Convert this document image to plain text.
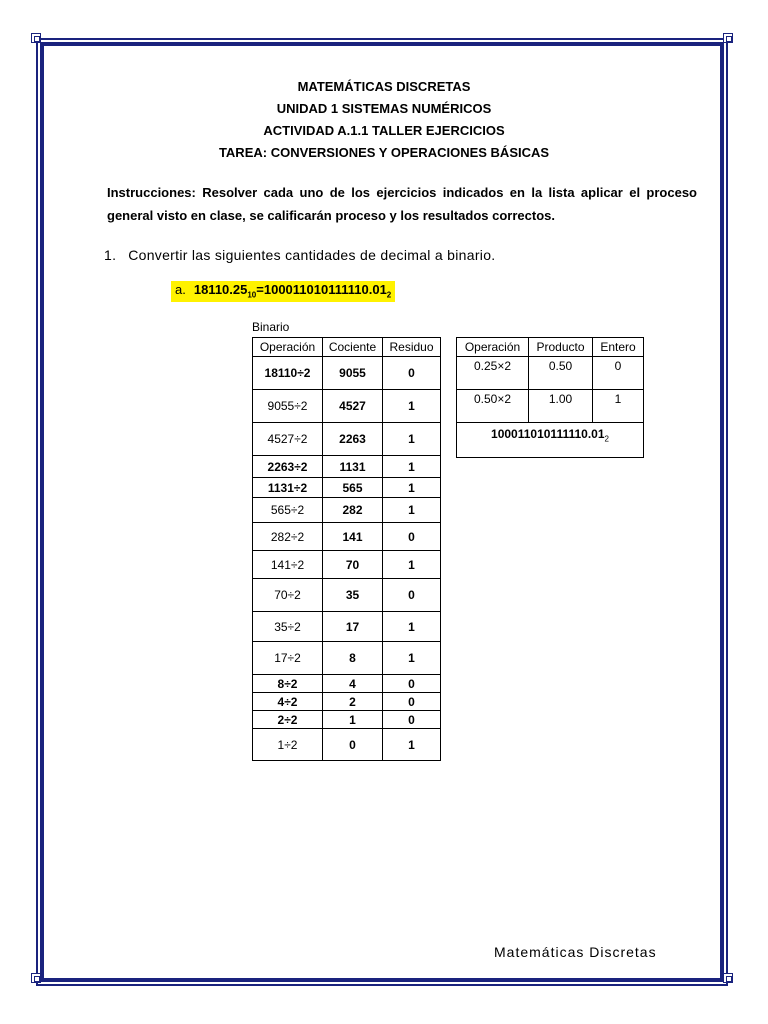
MATEMÁTICAS DISCRETAS
UNIDAD 1 SISTEMAS NUMÉRICOS
ACTIVIDAD A.1.1 TALLER EJERCICIOS
TAREA: CONVERSIONES Y OPERACIONES BÁSICAS
Instrucciones: Resolver cada uno de los ejercicios indicados en la lista aplicar el proceso general visto en clase, se calificarán proceso y los resultados correctos.
1. Convertir las siguientes cantidades de decimal a binario.
a. $18110.25_{10}=100011010111110.01_2$
Binario
Operación	Cociente	Residuo
18110÷2	9055	0
9055÷2	4527	1
4527÷2	2263	1
2263÷2	1131	1
1131÷2	565	1
565÷2	282	1
282÷2	141	0
141÷2	70	1
70÷2	35	0
35÷2	17	1
17÷2	8	1
8÷2	4	0
4÷2	2	0
2÷2	1	0
1÷2	0	1
Operación	Producto	Entero
0.25×2	0.50	0
0.50×2	1.00	1
$100011010111110.01_2$
Matemáticas Discretas
